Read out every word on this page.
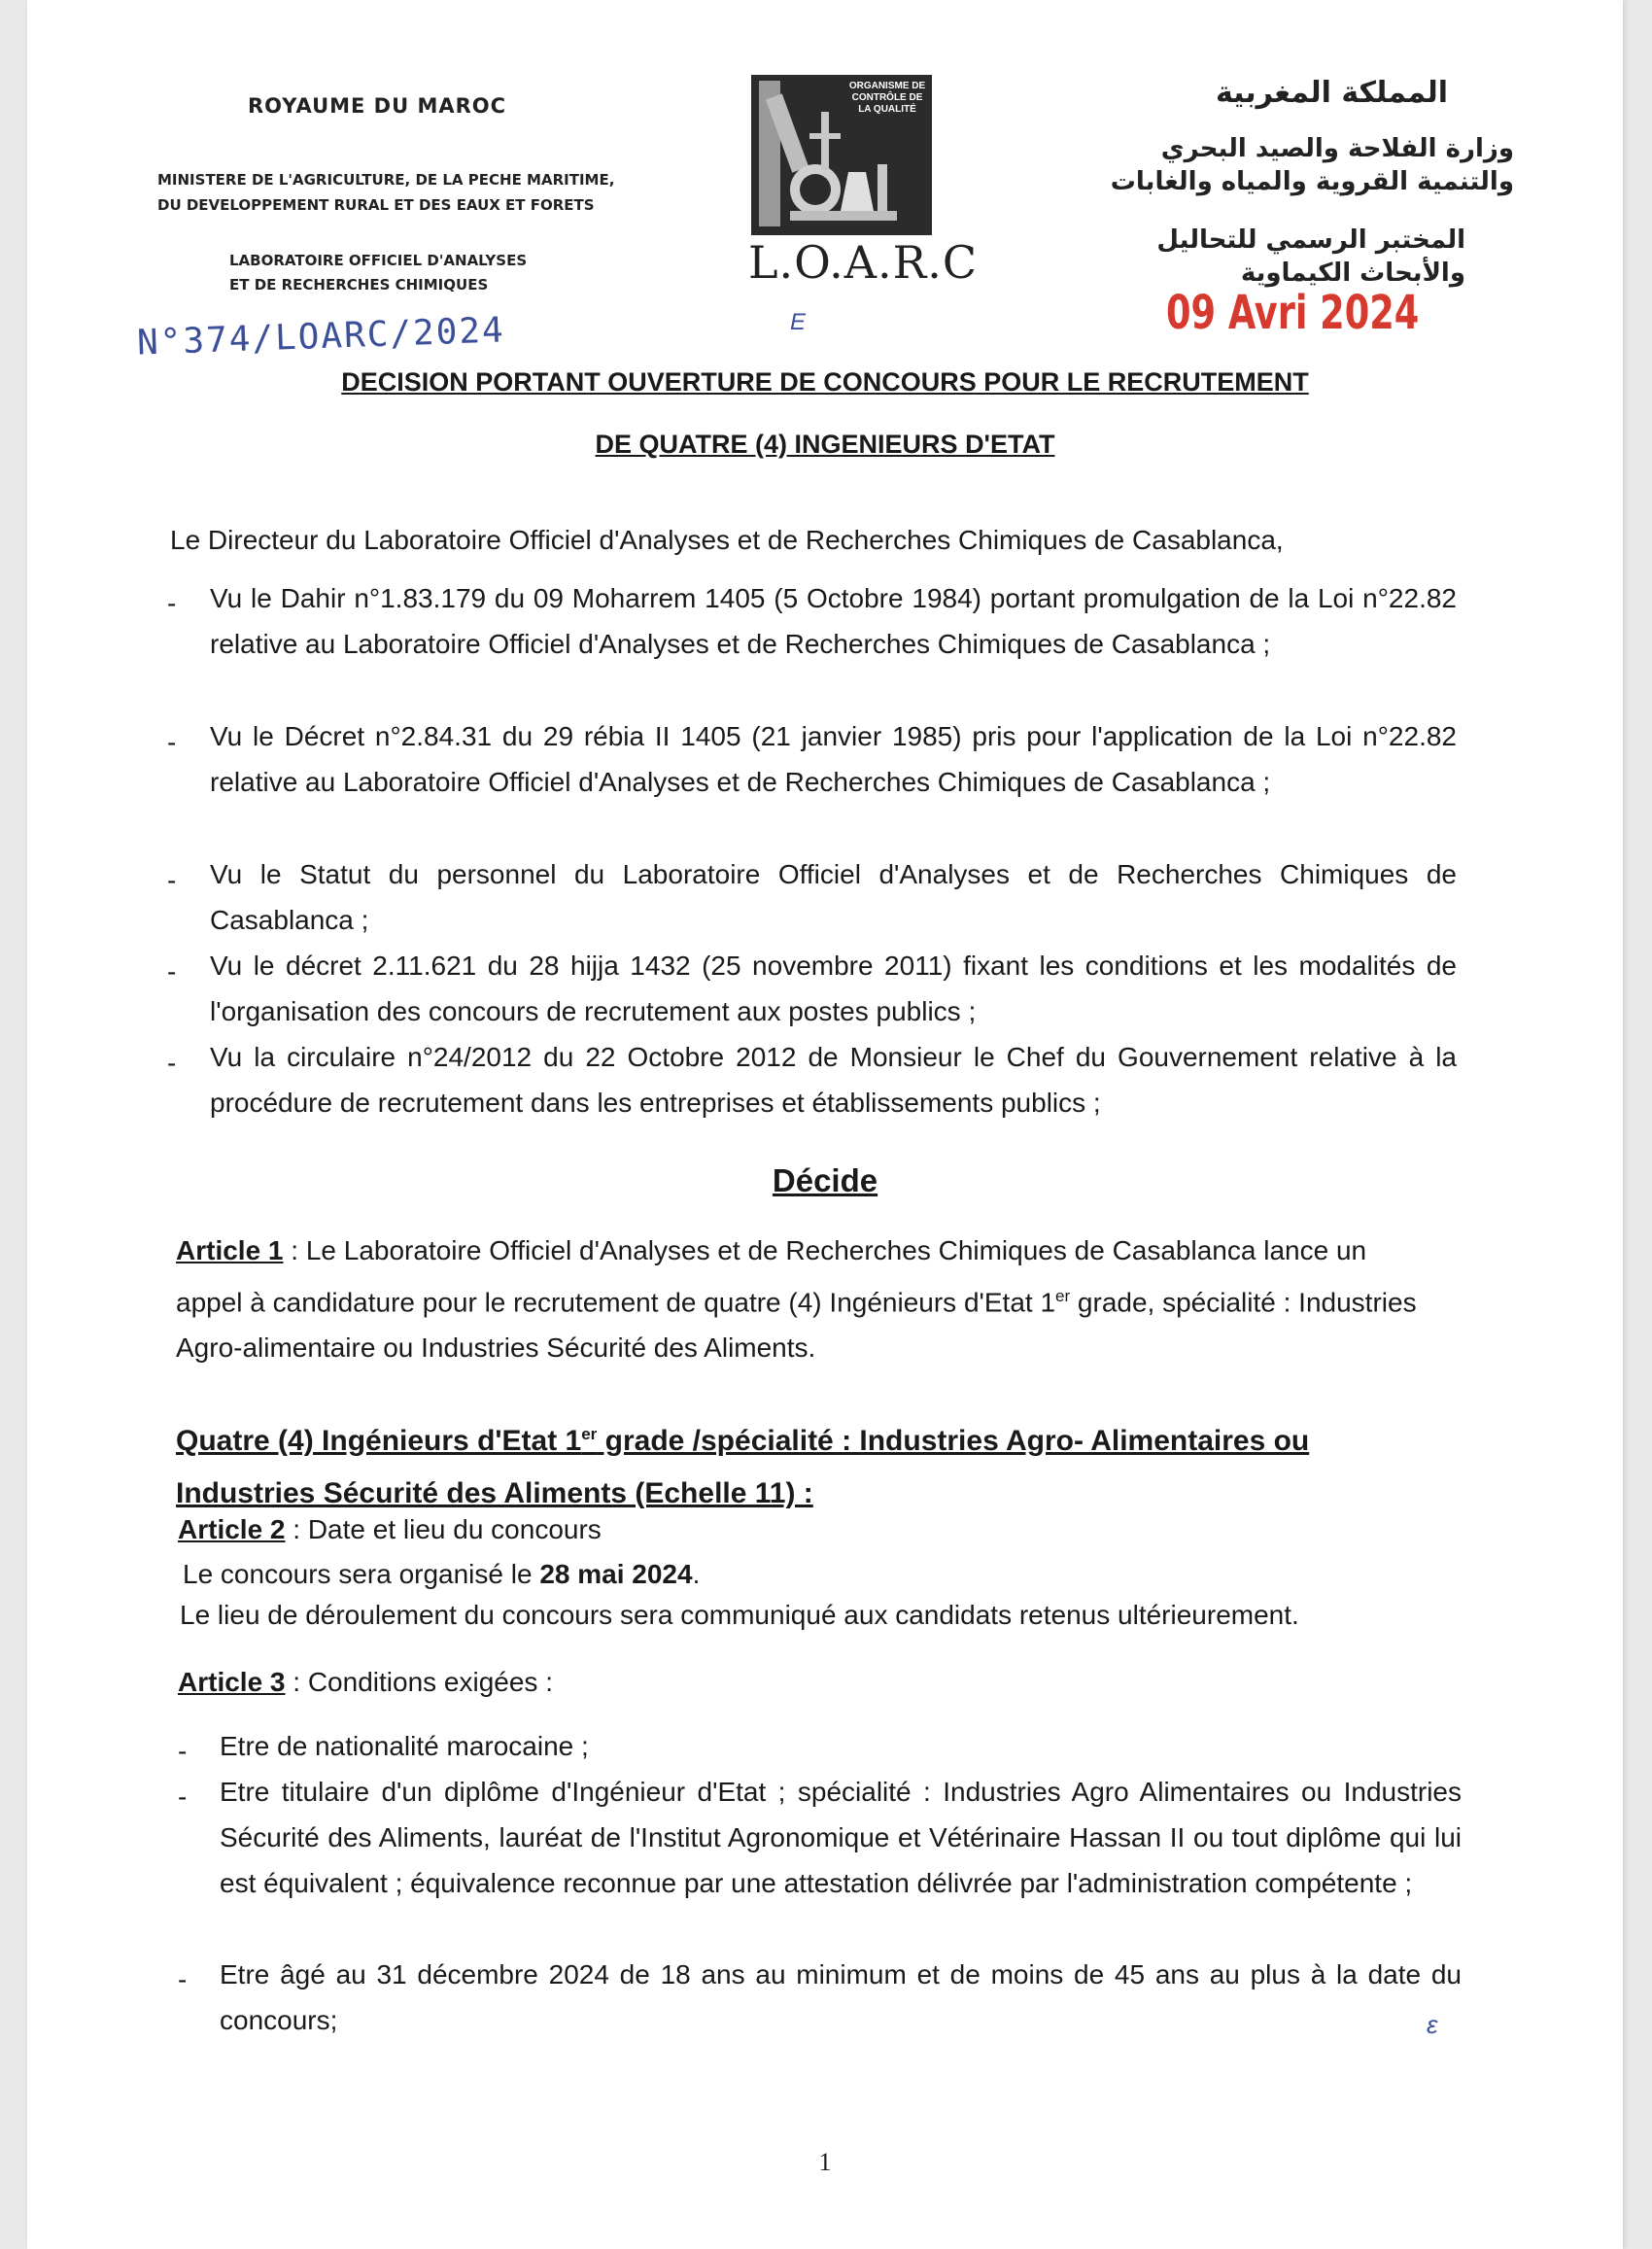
ROYAUME DU MAROC
MINISTERE DE L'AGRICULTURE, DE LA PECHE MARITIME,
DU DEVELOPPEMENT RURAL ET DES EAUX ET FORETS
LABORATOIRE OFFICIEL D'ANALYSES
ET DE RECHERCHES CHIMIQUES
N°374/LOARC/2024
ORGANISME DE CONTRÔLE DE LA QUALITÉ
L.O.A.R.C
E
المملكة المغربية
وزارة الفلاحة والصيد البحري
والتنمية القروية والمياه والغابات
المختبر الرسمي للتحاليل
والأبحاث الكيماوية
09 Avri 2024
DECISION PORTANT OUVERTURE DE CONCOURS POUR LE RECRUTEMENT
DE QUATRE (4) INGENIEURS D'ETAT
Le Directeur du Laboratoire Officiel d'Analyses et de Recherches Chimiques de Casablanca,
- Vu le Dahir n°1.83.179 du 09 Moharrem 1405 (5 Octobre 1984) portant promulgation de la Loi n°22.82 relative au Laboratoire Officiel d'Analyses et de Recherches Chimiques de Casablanca ;
- Vu le Décret n°2.84.31 du 29 rébia II 1405 (21 janvier 1985) pris pour l'application de la Loi n°22.82 relative au Laboratoire Officiel d'Analyses et de Recherches Chimiques de Casablanca ;
- Vu le Statut du personnel du Laboratoire Officiel d'Analyses et de Recherches Chimiques de Casablanca ;
- Vu le décret 2.11.621 du 28 hijja 1432 (25 novembre 2011) fixant les conditions et les modalités de l'organisation des concours de recrutement aux postes publics ;
- Vu la circulaire n°24/2012 du 22 Octobre 2012 de Monsieur le Chef du Gouvernement relative à la procédure de recrutement dans les entreprises et établissements publics ;
Décide
Article 1 : Le Laboratoire Officiel d'Analyses et de Recherches Chimiques de Casablanca lance un appel à candidature pour le recrutement de quatre (4) Ingénieurs d'Etat 1er grade, spécialité : Industries Agro-alimentaire ou Industries Sécurité des Aliments.
Quatre (4) Ingénieurs d'Etat 1er grade /spécialité : Industries Agro- Alimentaires ou Industries Sécurité des Aliments (Echelle 11) :
Article 2 : Date et lieu du concours
Le concours sera organisé le 28 mai 2024.
Le lieu de déroulement du concours sera communiqué aux candidats retenus ultérieurement.
Article 3 : Conditions exigées :
- Etre de nationalité marocaine ;
- Etre titulaire d'un diplôme d'Ingénieur d'Etat ; spécialité : Industries Agro Alimentaires ou Industries Sécurité des Aliments, lauréat de l'Institut Agronomique et Vétérinaire Hassan II ou tout diplôme qui lui est équivalent ; équivalence reconnue par une attestation délivrée par l'administration compétente ;
- Etre âgé au 31 décembre 2024 de 18 ans au minimum et de moins de 45 ans au plus à la date du concours;	ɛ
1
